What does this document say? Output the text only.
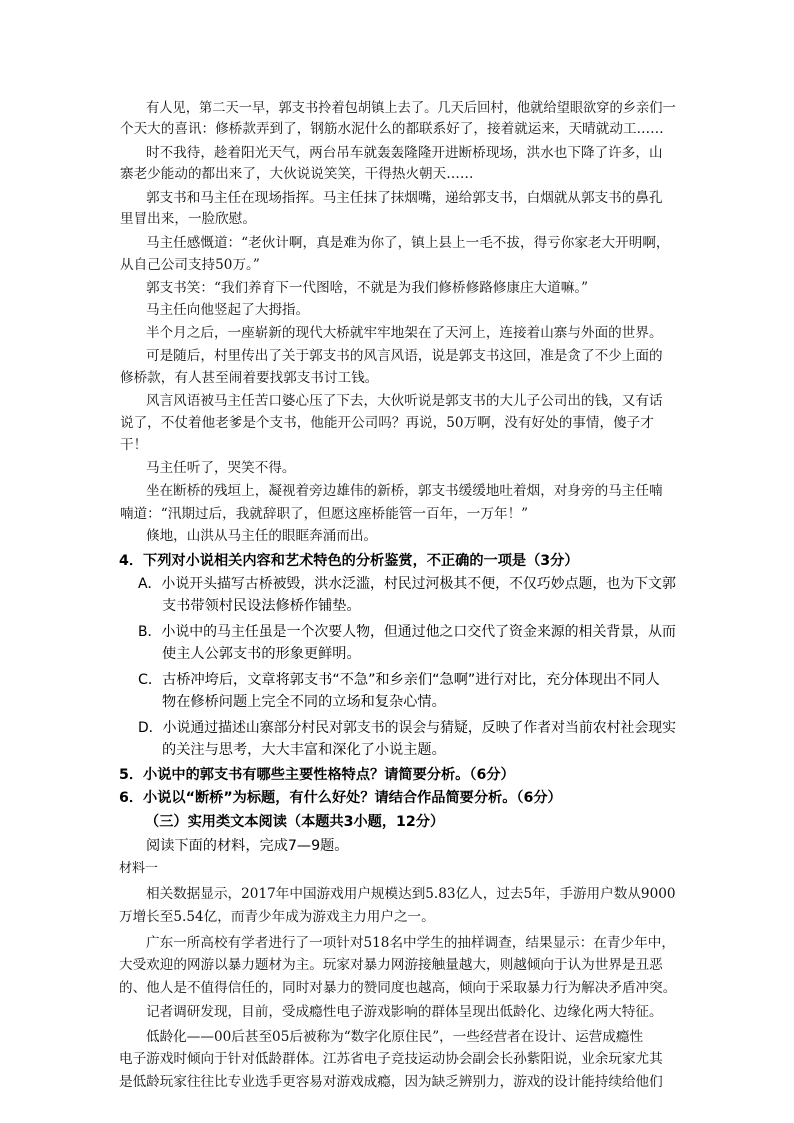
有人见，第二天一早，郭支书拎着包胡镇上去了。几天后回村，他就给望眼欲穿的乡亲们一
个天大的喜讯：修桥款弄到了，钢筋水泥什么的都联系好了，接着就运来，天晴就动工……
时不我待，趁着阳光天气，两台吊车就轰轰隆隆开进断桥现场，洪水也下降了许多，山
寨老少能动的都出来了，大伙说说笑笑，干得热火朝天……
郭支书和马主任在现场指挥。马主任抹了抹烟嘴，递给郭支书，白烟就从郭支书的鼻孔
里冒出来，一脸欣慰。
马主任感慨道：“老伙计啊，真是难为你了，镇上县上一毛不拔，得亏你家老大开明啊，
从自己公司支持50万。”
郭支书笑：“我们养育下一代图啥，不就是为我们修桥修路修康庄大道嘛。”
马主任向他竖起了大拇指。
半个月之后，一座崭新的现代大桥就牢牢地架在了天河上，连接着山寨与外面的世界。
可是随后，村里传出了关于郭支书的风言风语，说是郭支书这回，准是贪了不少上面的
修桥款，有人甚至闹着要找郭支书讨工钱。
风言风语被马主任苦口婆心压了下去，大伙听说是郭支书的大儿子公司出的钱，又有话
说了，不仗着他老爹是个支书，他能开公司吗？再说，50万啊，没有好处的事情，傻子才
干！
马主任听了，哭笑不得。
坐在断桥的残垣上，凝视着旁边雄伟的新桥，郭支书缓缓地吐着烟，对身旁的马主任喃
喃道：“汛期过后，我就辞职了，但愿这座桥能管一百年，一万年！”
倏地，山洪从马主任的眼眶奔涌而出。
4．下列对小说相关内容和艺术特色的分析鉴赏，不正确的一项是（3分）
A．小说开头描写古桥被毁，洪水泛滥，村民过河极其不便，不仅巧妙点题，也为下文郭
支书带领村民设法修桥作铺垫。
B．小说中的马主任虽是一个次要人物，但通过他之口交代了资金来源的相关背景，从而
使主人公郭支书的形象更鲜明。
C．古桥冲垮后，文章将郭支书“不急”和乡亲们“急啊”进行对比，充分体现出不同人
物在修桥问题上完全不同的立场和复杂心情。
D．小说通过描述山寨部分村民对郭支书的误会与猜疑，反映了作者对当前农村社会现实
的关注与思考，大大丰富和深化了小说主题。
5．小说中的郭支书有哪些主要性格特点？请简要分析。（6分）
6．小说以“断桥”为标题，有什么好处？请结合作品简要分析。（6分）
（三）实用类文本阅读（本题共3小题，12分）
阅读下面的材料，完成7—9题。
材料一
相关数据显示，2017年中国游戏用户规模达到5.83亿人，过去5年，手游用户数从9000
万增长至5.54亿，而青少年成为游戏主力用户之一。
广东一所高校有学者进行了一项针对518名中学生的抽样调查，结果显示：在青少年中，
大受欢迎的网游以暴力题材为主。玩家对暴力网游接触量越大，则越倾向于认为世界是丑恶
的、他人是不值得信任的，同时对暴力的赞同度也越高，倾向于采取暴力行为解决矛盾冲突。
记者调研发现，目前，受成瘾性电子游戏影响的群体呈现出低龄化、边缘化两大特征。
低龄化——00后甚至05后被称为“数字化原住民”，一些经营者在设计、运营成瘾性
电子游戏时倾向于针对低龄群体。江苏省电子竞技运动协会副会长孙紫阳说，业余玩家尤其
是低龄玩家往往比专业选手更容易对游戏成瘾，因为缺乏辨别力，游戏的设计能持续给他们
